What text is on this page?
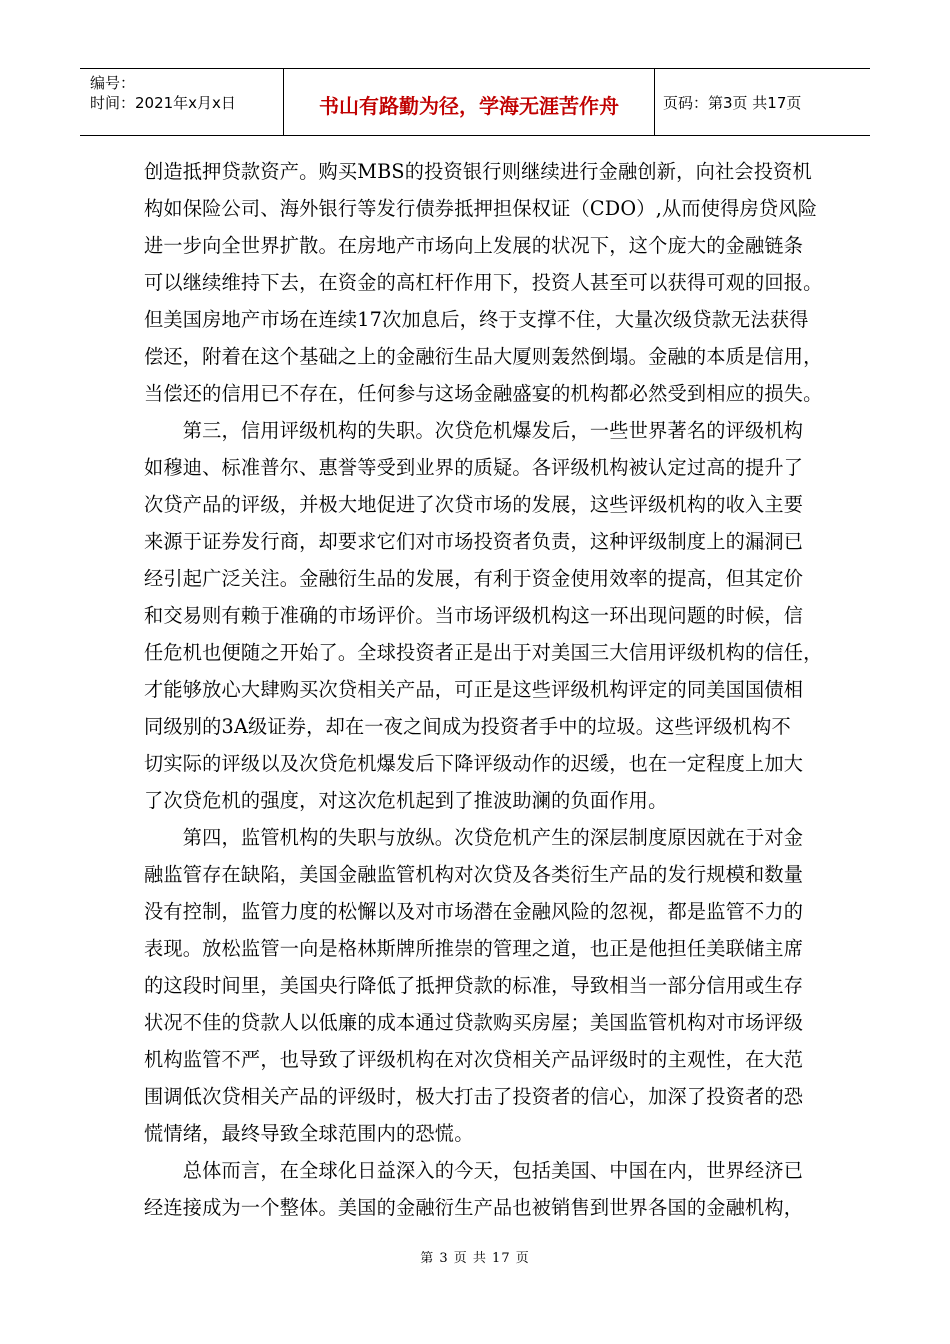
编号：
时间：2021年x月x日	书山有路勤为径，学海无涯苦作舟	页码：第3页 共17页
创造抵押贷款资产。购买MBS的投资银行则继续进行金融创新，向社会投资机
构如保险公司、海外银行等发行债券抵押担保权证（CDO）,从而使得房贷风险
进一步向全世界扩散。在房地产市场向上发展的状况下，这个庞大的金融链条
可以继续维持下去，在资金的高杠杆作用下，投资人甚至可以获得可观的回报。
但美国房地产市场在连续17次加息后，终于支撑不住，大量次级贷款无法获得
偿还，附着在这个基础之上的金融衍生品大厦则轰然倒塌。金融的本质是信用，
当偿还的信用已不存在，任何参与这场金融盛宴的机构都必然受到相应的损失。
　　第三，信用评级机构的失职。次贷危机爆发后，一些世界著名的评级机构
如穆迪、标准普尔、惠誉等受到业界的质疑。各评级机构被认定过高的提升了
次贷产品的评级，并极大地促进了次贷市场的发展，这些评级机构的收入主要
来源于证券发行商，却要求它们对市场投资者负责，这种评级制度上的漏洞已
经引起广泛关注。金融衍生品的发展，有利于资金使用效率的提高，但其定价
和交易则有赖于准确的市场评价。当市场评级机构这一环出现问题的时候，信
任危机也便随之开始了。全球投资者正是出于对美国三大信用评级机构的信任，
才能够放心大肆购买次贷相关产品，可正是这些评级机构评定的同美国国债相
同级别的3A级证券，却在一夜之间成为投资者手中的垃圾。这些评级机构不
切实际的评级以及次贷危机爆发后下降评级动作的迟缓，也在一定程度上加大
了次贷危机的强度，对这次危机起到了推波助澜的负面作用。
　　第四，监管机构的失职与放纵。次贷危机产生的深层制度原因就在于对金
融监管存在缺陷，美国金融监管机构对次贷及各类衍生产品的发行规模和数量
没有控制，监管力度的松懈以及对市场潜在金融风险的忽视，都是监管不力的
表现。放松监管一向是格林斯牌所推崇的管理之道，也正是他担任美联储主席
的这段时间里，美国央行降低了抵押贷款的标准，导致相当一部分信用或生存
状况不佳的贷款人以低廉的成本通过贷款购买房屋；美国监管机构对市场评级
机构监管不严，也导致了评级机构在对次贷相关产品评级时的主观性，在大范
围调低次贷相关产品的评级时，极大打击了投资者的信心，加深了投资者的恐
慌情绪，最终导致全球范围内的恐慌。
　　总体而言，在全球化日益深入的今天，包括美国、中国在内，世界经济已
经连接成为一个整体。美国的金融衍生产品也被销售到世界各国的金融机构，
第 3 页 共 17 页
